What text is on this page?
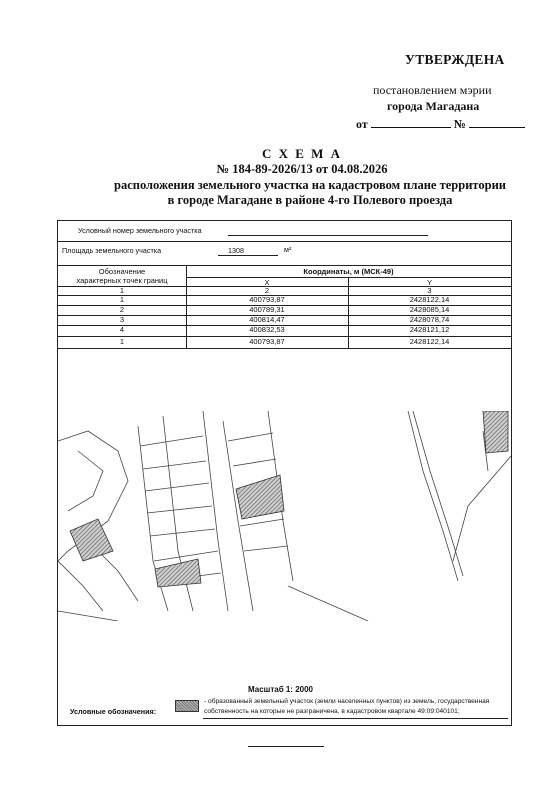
УТВЕРЖДЕНА
постановлением мэрии
города Магадана
от	№
С Х Е М А
№ 184-89-2026/13 от 04.08.2026
расположения земельного участка на кадастровом плане территории
в городе Магадане в районе 4-го Полевого проезда
Условный номер земельного участка
Площадь земельного участка	1308	м²
Обозначение
характерных точек границ
Координаты, м (МСК-49)
X	Y
1	2	3
1	400793,87	2428122,14
2	400789,31	2428085,14
3	400814,47	2428078,74
4	400832,53	2428121,12
1	400793,87	2428122,14
Масштаб 1: 2000
Условные обозначения:
- образованный земельный участок (земли населенных пунктов) из земель, государственная
собственность на которые не разграничена, в кадастровом квартале 49:09:040101;
